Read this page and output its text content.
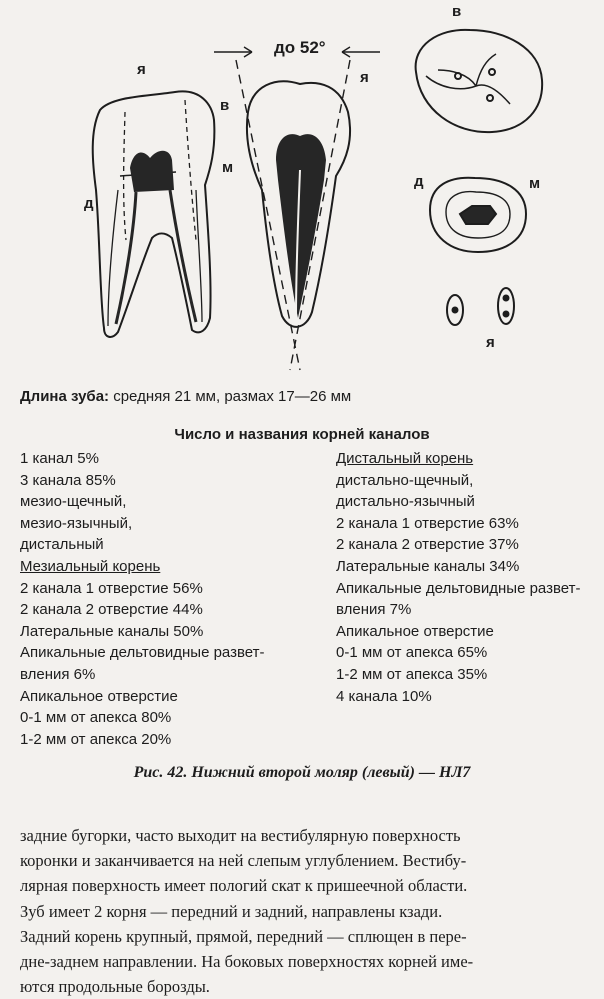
я
в
м
д
до 52°
я
в
д	м
я
Длина зуба: средняя 21 мм, размах 17—26 мм
Число и названия корней каналов
1 канал 5%
3 канала 85%
мезио-щечный,
мезио-язычный,
дистальный
Мезиальный корень
2 канала 1 отверстие 56%
2 канала 2 отверстие 44%
Латеральные каналы 50%
Апикальные дельтовидные развет-
вления 6%
Апикальное отверстие
0-1 мм от апекса 80%
1-2 мм от апекса 20%
Дистальный корень
дистально-щечный,
дистально-язычный
2 канала 1 отверстие 63%
2 канала 2 отверстие 37%
Латеральные каналы 34%
Апикальные дельтовидные развет-
вления 7%
Апикальное отверстие
0-1 мм от апекса 65%
1-2 мм от апекса 35%
4 канала 10%
Рис. 42. Нижний второй моляр (левый) — НЛ7
задние бугорки, часто выходит на вестибулярную поверхность
коронки и заканчивается на ней слепым углублением. Вестибу-
лярная поверхность имеет пологий скат к пришеечной области.
Зуб имеет 2 корня — передний и задний, направлены кзади.
Задний корень крупный, прямой, передний — сплющен в пере-
дне-заднем направлении. На боковых поверхностях корней име-
ются продольные борозды.
